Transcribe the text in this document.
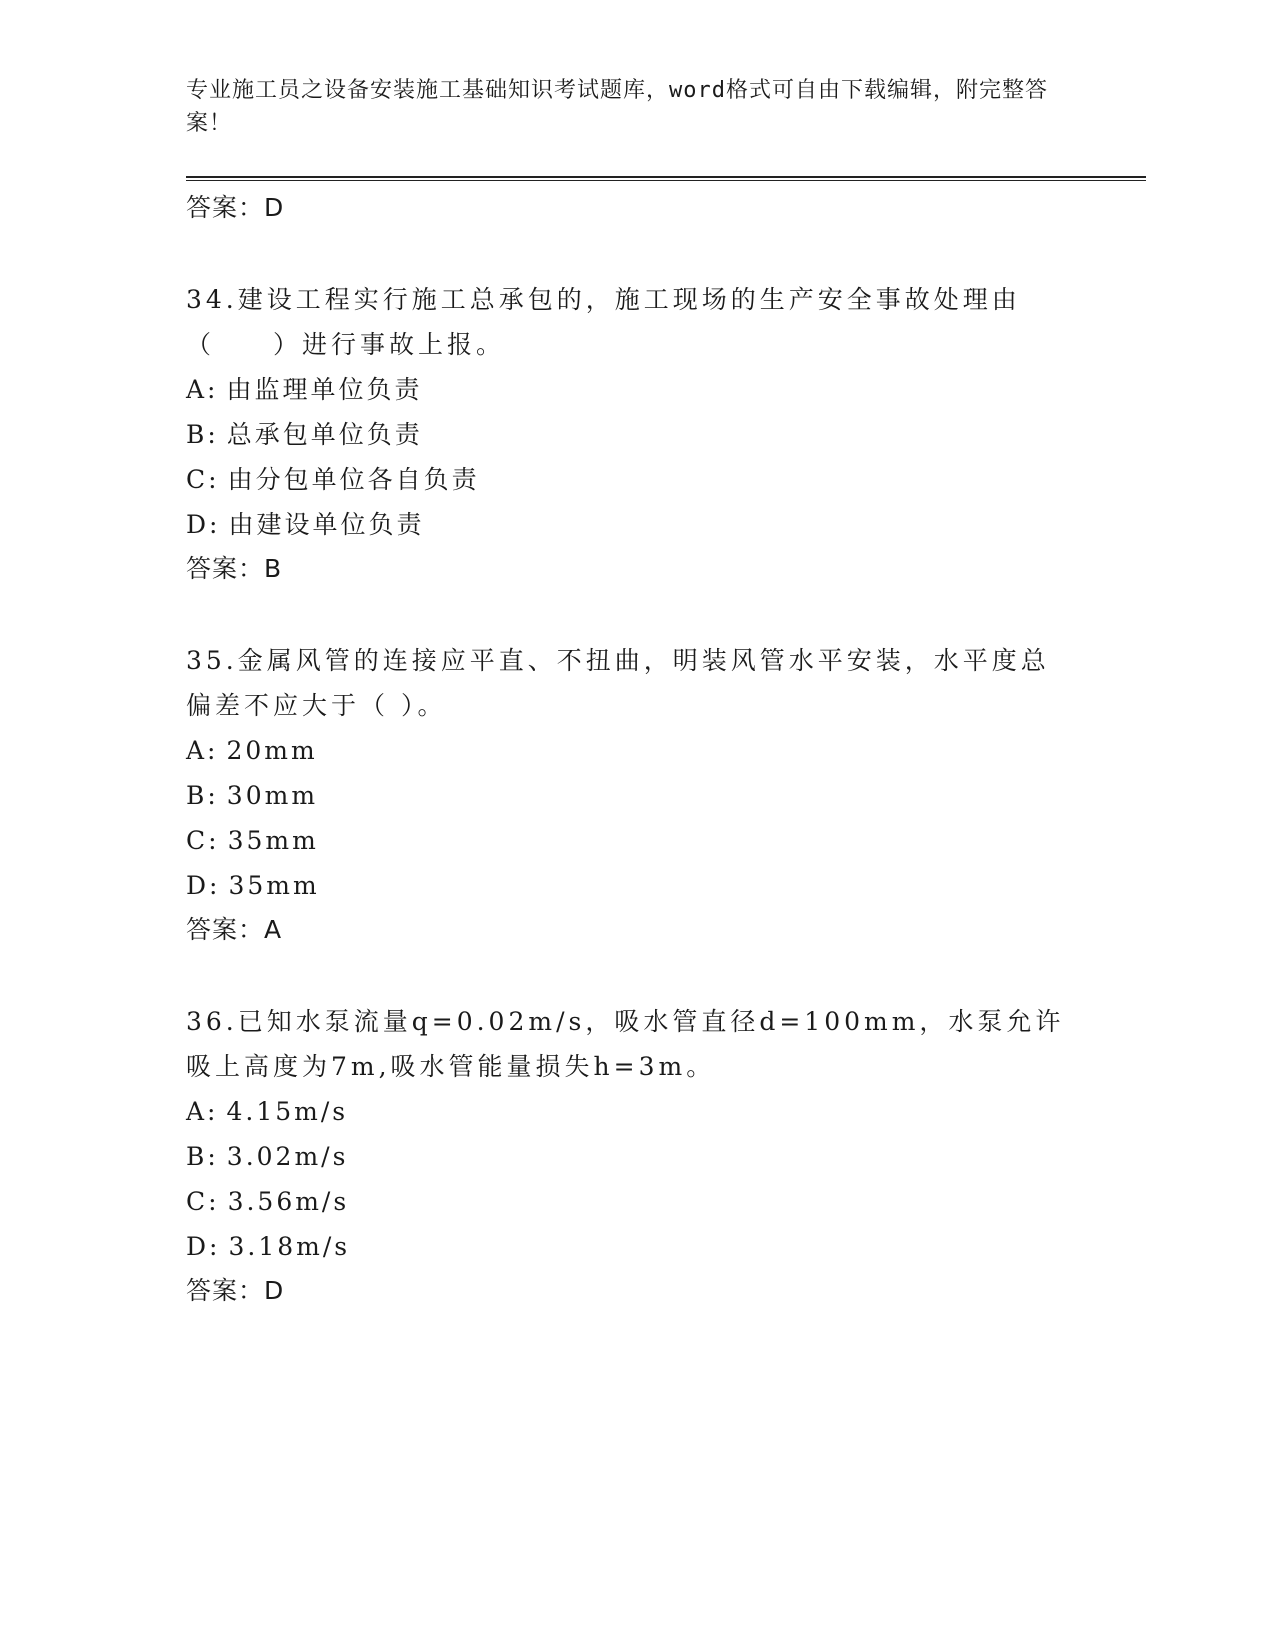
专业施工员之设备安装施工基础知识考试题库，word格式可自由下载编辑，附完整答案！
答案：D
34.建设工程实行施工总承包的，施工现场的生产安全事故处理由（　　）进行事故上报。
A: 由监理单位负责
B: 总承包单位负责
C: 由分包单位各自负责
D: 由建设单位负责
答案：B
35.金属风管的连接应平直、不扭曲，明装风管水平安装，水平度总偏差不应大于（ ）。
A: 20mm
B: 30mm
C: 35mm
D: 35mm
答案：A
36.已知水泵流量q=0.02m/s，吸水管直径d=100mm，水泵允许吸上高度为7m,吸水管能量损失h=3m。
A: 4.15m/s
B: 3.02m/s
C: 3.56m/s
D: 3.18m/s
答案：D
